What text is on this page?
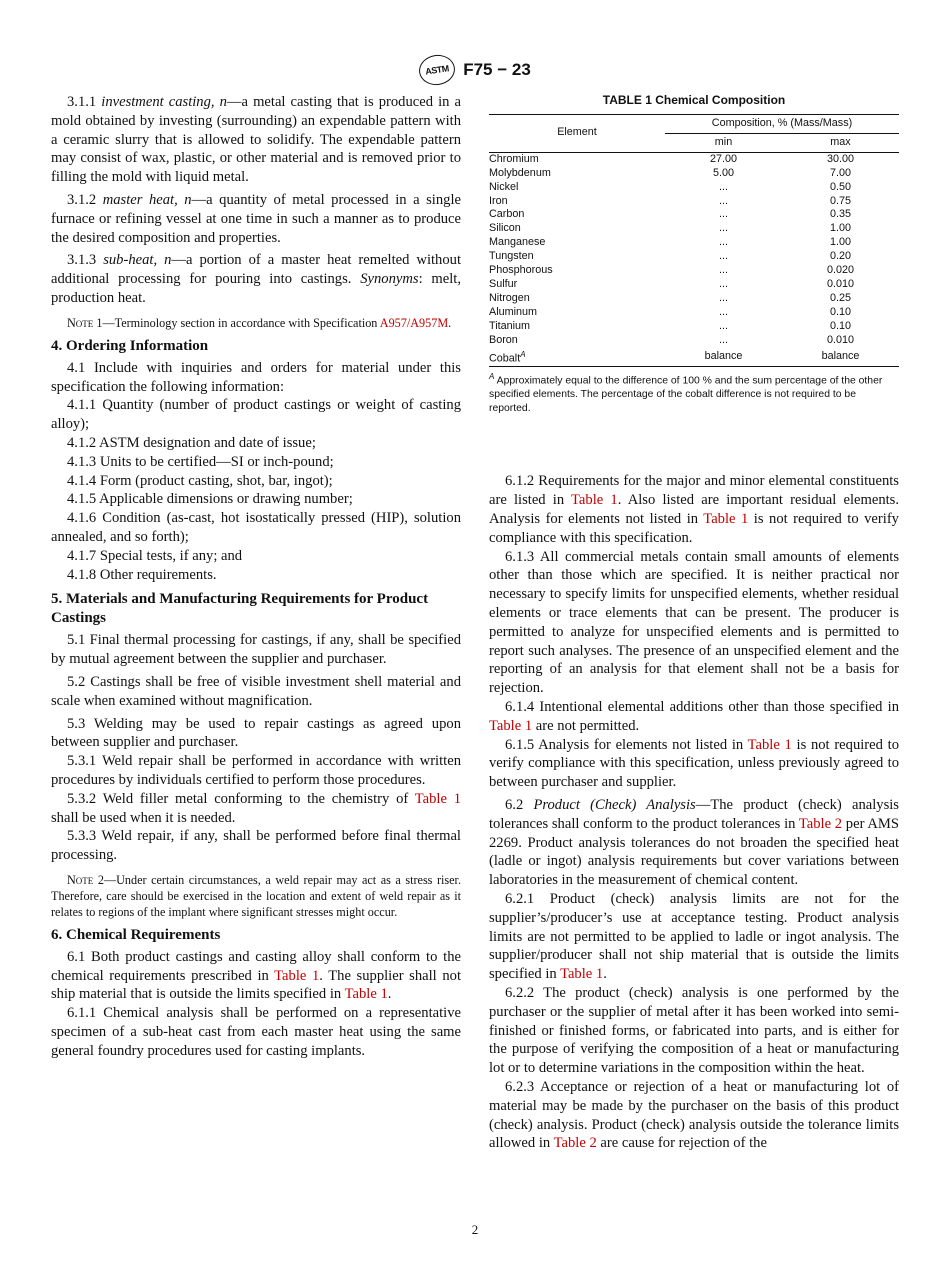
ASTM F75 − 23

3.1.1 investment casting, n—a metal casting that is produced in a mold obtained by investing (surrounding) an expendable pattern with a ceramic slurry that is allowed to solidify. The expendable pattern may consist of wax, plastic, or other material and is removed prior to filling the mold with liquid metal.

3.1.2 master heat, n—a quantity of metal processed in a single furnace or refining vessel at one time in such a manner as to produce the desired composition and properties.

3.1.3 sub-heat, n—a portion of a master heat remelted without additional processing for pouring into castings. Synonyms: melt, production heat.

Note 1—Terminology section in accordance with Specification A957/A957M.
4. Ordering Information

4.1 Include with inquiries and orders for material under this specification the following information:

4.1.1 Quantity (number of product castings or weight of casting alloy);

4.1.2 ASTM designation and date of issue;

4.1.3 Units to be certified—SI or inch-pound;

4.1.4 Form (product casting, shot, bar, ingot);

4.1.5 Applicable dimensions or drawing number;

4.1.6 Condition (as-cast, hot isostatically pressed (HIP), solution annealed, and so forth);

4.1.7 Special tests, if any; and

4.1.8 Other requirements.

5. Materials and Manufacturing Requirements for Product Castings

5.1 Final thermal processing for castings, if any, shall be specified by mutual agreement between the supplier and purchaser.

5.2 Castings shall be free of visible investment shell material and scale when examined without magnification.

5.3 Welding may be used to repair castings as agreed upon between supplier and purchaser.

5.3.1 Weld repair shall be performed in accordance with written procedures by individuals certified to perform those procedures.

5.3.2 Weld filler metal conforming to the chemistry of Table 1 shall be used when it is needed.

5.3.3 Weld repair, if any, shall be performed before final thermal processing.

Note 2—Under certain circumstances, a weld repair may act as a stress riser. Therefore, care should be exercised in the location and extent of weld repair as it relates to regions of the implant where significant stresses might occur.
6. Chemical Requirements

6.1 Both product castings and casting alloy shall conform to the chemical requirements prescribed in Table 1. The supplier shall not ship material that is outside the limits specified in Table 1.

6.1.1 Chemical analysis shall be performed on a representative specimen of a sub-heat cast from each master heat using the same general foundry procedures used for casting implants.

TABLE 1 Chemical Composition
Element	Composition, % (Mass/Mass)	
	min	max
Chromium	27.00	30.00
Molybdenum	5.00	7.00
Nickel	...	0.50
Iron	...	0.75
Carbon	...	0.35
Silicon	...	1.00
Manganese	...	1.00
Tungsten	...	0.20
Phosphorous	...	0.020
Sulfur	...	0.010
Nitrogen	...	0.25
Aluminum	...	0.10
Titanium	...	0.10
Boron	...	0.010
Cobalt$^A$	balance	balance
$^A$ Approximately equal to the difference of 100 % and the sum percentage of the other specified elements. The percentage of the cobalt difference is not required to be reported.

6.1.2 Requirements for the major and minor elemental constituents are listed in Table 1. Also listed are important residual elements. Analysis for elements not listed in Table 1 is not required to verify compliance with this specification.

6.1.3 All commercial metals contain small amounts of elements other than those which are specified. It is neither practical nor necessary to specify limits for unspecified elements, whether residual elements or trace elements that can be present. The producer is permitted to analyze for unspecified elements and is permitted to report such analyses. The presence of an unspecified element and the reporting of an analysis for that element shall not be a basis for rejection.

6.1.4 Intentional elemental additions other than those specified in Table 1 are not permitted.

6.1.5 Analysis for elements not listed in Table 1 is not required to verify compliance with this specification, unless previously agreed to between purchaser and supplier.

6.2 Product (Check) Analysis—The product (check) analysis tolerances shall conform to the product tolerances in Table 2 per AMS 2269. Product analysis tolerances do not broaden the specified heat (ladle or ingot) analysis requirements but cover variations between laboratories in the measurement of chemical content.

6.2.1 Product (check) analysis limits are not for the supplier’s/producer’s use at acceptance testing. Product analysis limits are not permitted to be applied to ladle or ingot analysis. The supplier/producer shall not ship material that is outside the limits specified in Table 1.

6.2.2 The product (check) analysis is one performed by the purchaser or the supplier of metal after it has been worked into semi-finished or finished forms, or fabricated into parts, and is either for the purpose of verifying the composition of a heat or manufacturing lot or to determine variations in the composition within the heat.

6.2.3 Acceptance or rejection of a heat or manufacturing lot of material may be made by the purchaser on the basis of this product (check) analysis. Product (check) analysis outside the tolerance limits allowed in Table 2 are cause for rejection of the

2
